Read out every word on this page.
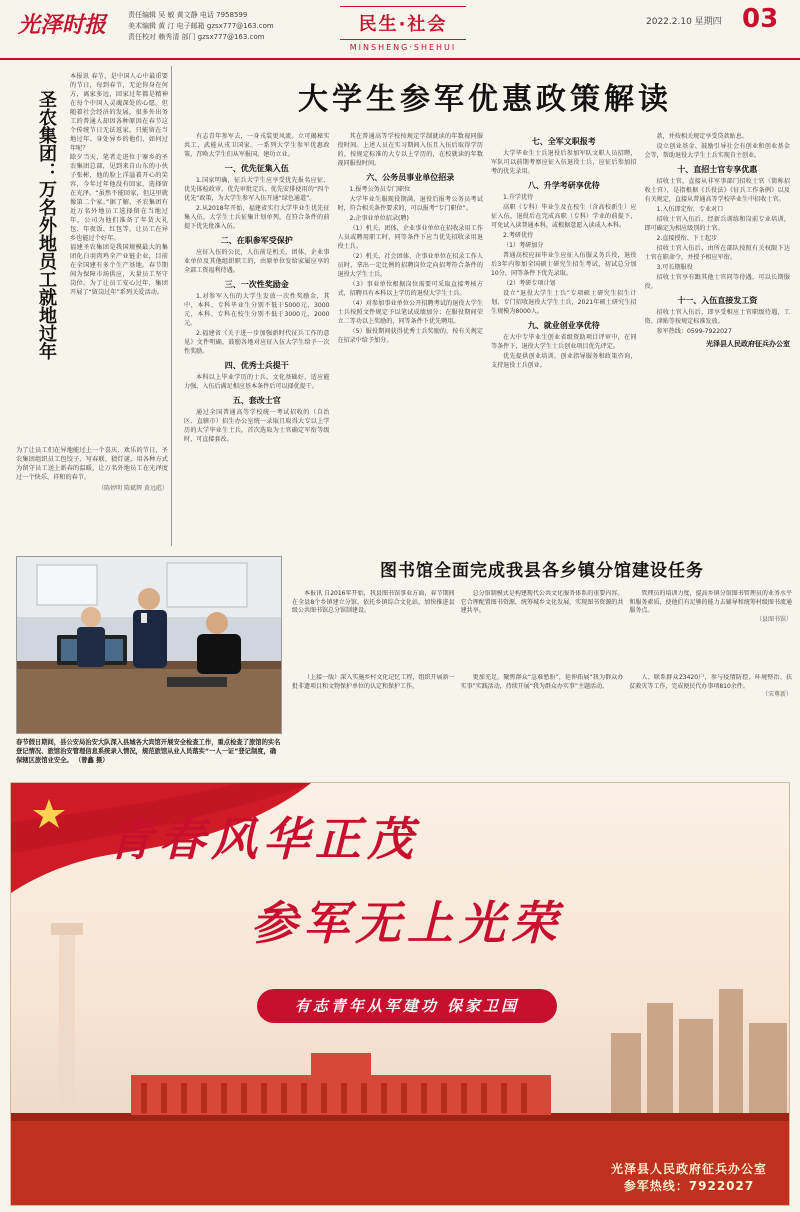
光泽时报	责任编辑 吴 敏 黄文静 电话 7958599
美术编辑 黄 汀 电子邮箱 gzsx777@163.com
责任校对 赖秀清 部门 gzsx777@163.com
民生·社会
MINSHENG·SHEHUI
2022.2.10 星期四 03
圣农集团：万名外地员工就地过年

本报讯 春节，是中国人心中最重要的节日，每到春节，无论你身在何方，离家多远，回家过年都是精神在每个中国人灵魂深处的心愿。但随着社会经济的发展，很多外出务工的普通人却因各种原因在春节这个传统节日无法返家，只能留在当地过年。身处异乡的他们，如何过年呢？

除夕当天，笔者走进位于寨乡的圣农集团总部，见到来自山东的小伙子张彬，他的脸上洋溢着开心的笑容，今年过年他没有回家，选择留在光泽。“虽然不能回家，但这里就像第二个家。”据了解，圣农集团有近万名外地员工选择留在当地过年，公司为他们准备了年货大礼包、年夜饭、红包等，让员工在异乡也能过个好年。

福建圣农集团是我国规模最大的集团化白羽肉鸡全产业链企业，目前在全国建有多个生产基地。春节期间为保障市场供应，大量员工坚守岗位。为了让员工安心过年，集团开展了“留岗过年”系列关爱活动。

为了让员工们在异地能过上一个喜庆、欢乐的节日，圣农集团组织员工包饺子、写春联、猜灯谜，用各种方式为留守员工送上新春的温暖，让万名外地员工在光泽度过一个快乐、祥和的春节。

（陈婷明 陈斌辉 黄远彪）
大学生参军优惠政策解读

有志青年参军去，一身戎装更风流。立可揭秘实共工，武能从戎卫国家。一系列大学生参军优惠政策，召唤大学生们从军报国，建功立业。

一、优先征集入伍

1.国家明确，征兵大学生应享受优先报名应征、优先体检政审、优先审批定兵、优先安排使用的“四个优先”政策，为大学生参军入伍开通“绿色通道”。

2.从2018年开始，福建省实行大学毕业生优先征集入伍，大学生士兵征集计划单列，在符合条件的前提下优先批准入伍。

二、在职参军受保护

应征入伍的公民，人伍前是机关、团体、企业事业单位及其他组织职工的，由原单位发给家属应享的全部工资福利待遇。

三、一次性奖励金

1.对参军入伍的大学生发放一次性奖励金，其中，本科、专科毕业生分别不低于5000元、3000元，本科、专科在校生分别不低于3000元、2000元。

2.福建省《关于进一步加强新时代征兵工作的意见》文件明确，鼓励各地对应征入伍大学生给予一次性奖励。

四、优秀士兵提干

本科以上毕业学历的士兵，文化基础好、适应能力强，入伍后满足相应基本条件后可以择优提干。

五、套改士官

通过全国普通高等学校统一考试招收的（自治区、直辖市）招生办公室统一录取且取得大专以上学历的大学毕业生士兵，首次选取为士官确定军衔等级时，可直接套改。

其在普通高等学校按规定学制就读的年数视同服役时间。上述人员在实习期间入伍且入伍后取得学历的，按规定标准的大专以上学历的，在校就读的年数视同服役时间。

六、公务员事业单位招录

1.报考公务员专门职位

大学毕业生服现役期满，退役后报考公务员考试时，符合相关条件要求的，可以报考“专门职位”。

2.企事业单位招录(聘)

（1）机关、团体、企业事业单位在招收录用工作人员或聘用职工时，同等条件下应当优先招收录用退役士兵。

（2）机关、社会团体、企事业单位在招录工作人员时，拿出一定比例的招聘岗位定向招考符合条件的退役大学生士兵。

（3）事业单位根据岗位需要可采取直接考核方式，招聘具有本科以上学历的退役大学生士兵。

（4）对参加事业单位公开招聘考试的退役大学生士兵按照文件规定予以笔试成绩加分；在服役期间荣立二等功以上奖励的，同等条件下优先聘用。

（5）服役期间获得优秀士兵奖励的，按有关规定在招录中给予加分。

七、全军文职报考

大学毕业生士兵退役后参加军队文职人员招聘，军队可以前期考察应征入伍退役士兵，应征后参加招考的优先录用。

八、升学考研享优待

1.升学优待

高职（专科）毕业生及在校生（含高校新生）应征入伍，退役后在完成高职（专科）学业的前提下，可免试入读普通本科，或根据意愿入读成人本科。

2.考研优待

（1）考研加分

普通高校应届毕业生应征入伍服义务兵役，退役后3年内参加全国硕士研究生招生考试，初试总分加10分，同等条件下优先录取。

（2）考研专项计划

设立“退役大学生士兵”专项硕士研究生招生计划，专门招收退役大学生士兵，2021年硕士研究生招生规模为8000人。

九、就业创业享优待

在大中专毕业生创业省级资助项目评审中，在同等条件下，退役大学生士兵创业项目优先评定。

优先提供创业培训、创业指导服务和政策咨询，支持退役士兵创业。

款，并按相关规定享受贷款贴息。

设立创业基金、鼓励引导社会有创业和创业基金会等，帮助退役大学生士兵实现自主创业。

十、直招士官专享优惠

招收士官，直接从非军事部门招收士官（简称招收士官），是指根据《兵役法》《征兵工作条例》以及有关规定，直接从普通高等学校毕业生中招收士官。

1.入伍即定衔、专业对口

招收士官入伍后，经新兵训练和岗前专业培训，即可确定为相应级别的士官。

2.直接授衔、下士起步

招收士官入伍后，由所在部队按照有关权限下达士官在职命令，并授予相应军衔。

3.可长期服役

招收士官享有跟其他士官同等待遇，可以长期服役。

十一、入伍直接发工资

招收士官入伍后，即享受相应士官职级待遇，工资、津贴等按规定标准发放。

参军热线：0599-7922027

光泽县人民政府征兵办公室
春节假日期间，县公安局治安大队深入县城各大宾馆开展安全检查工作，重点检查了旅馆的实名登记情况、旅馆治安管理信息系统录入情况，规范旅馆从业人员落实“一人一证”登记制度，确保辖区旅馆业安全。 （曾鑫 摄）
图书馆全面完成我县各乡镇分馆建设任务

本报讯 自2016年开始，我县图书馆事业方面，春节期间在全县8个乡镇建立分馆，依托乡镇综合文化站，加快推进县级公共图书馆总分馆制建设。

总分馆制模式是构建现代公共文化服务体系的重要内容。它合理配置图书资源，统筹城乡文化发展，实现图书资源的共建共享。

管理员的培训力度，提高乡镇分馆图书管理员的业务水平和服务素质，使他们有足够的能力去辅导和统筹村级图书流通服务点。

（县图书馆）

（上接一版）深入实施乡村文化记忆工程，组织开展新一批非遗项目和文物保护单位的认定和保护工作。

更加充足。聚焦群众“急难愁盼”，延伸拓展“我为群众办实事”实践活动，持续开展“我为群众办实事”主题活动。

人、联系群众23420户，参与疫情防控、环境整治、扶贫救灾等工作，完成便民代办事项810余件。

（宋尊新）
青春风华正茂
参军无上光荣
有志青年从军建功 保家卫国
光泽县人民政府征兵办公室
参军热线：7922027
